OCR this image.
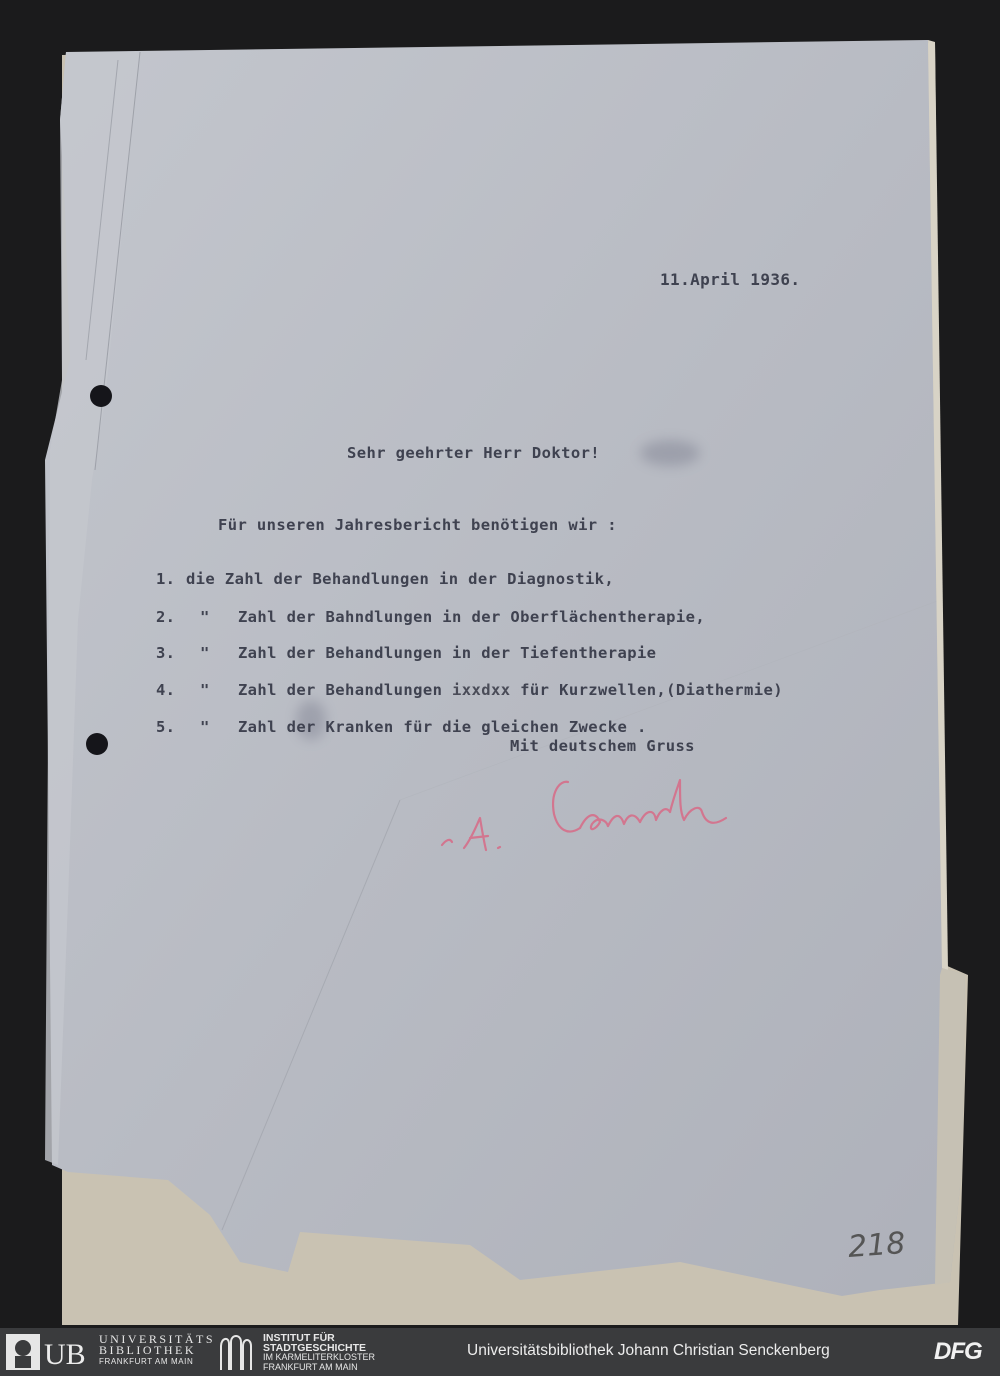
11.April 1936.
Sehr geehrter Herr Doktor!
Für unseren Jahresbericht benötigen wir :

1. die Zahl der Behandlungen in der Diagnostik,

2. " Zahl der Bahndlungen in der Oberflächentherapie,

3. " Zahl der Behandlungen in der Tiefentherapie

4. " Zahl der Behandlungen ixxdxx für Kurzwellen,(Diathermie)

5. " Zahl der Kranken für die gleichen Zwecke .

Mit deutschem Gruss
218
UB UNIVERSITÄTS
BIBLIOTHEK
FRANKFURT AM MAIN
INSTITUT FÜR
STADTGESCHICHTE
IM KARMELITERKLOSTER
FRANKFURT AM MAIN
Universitätsbibliothek Johann Christian Senckenberg	DFG
